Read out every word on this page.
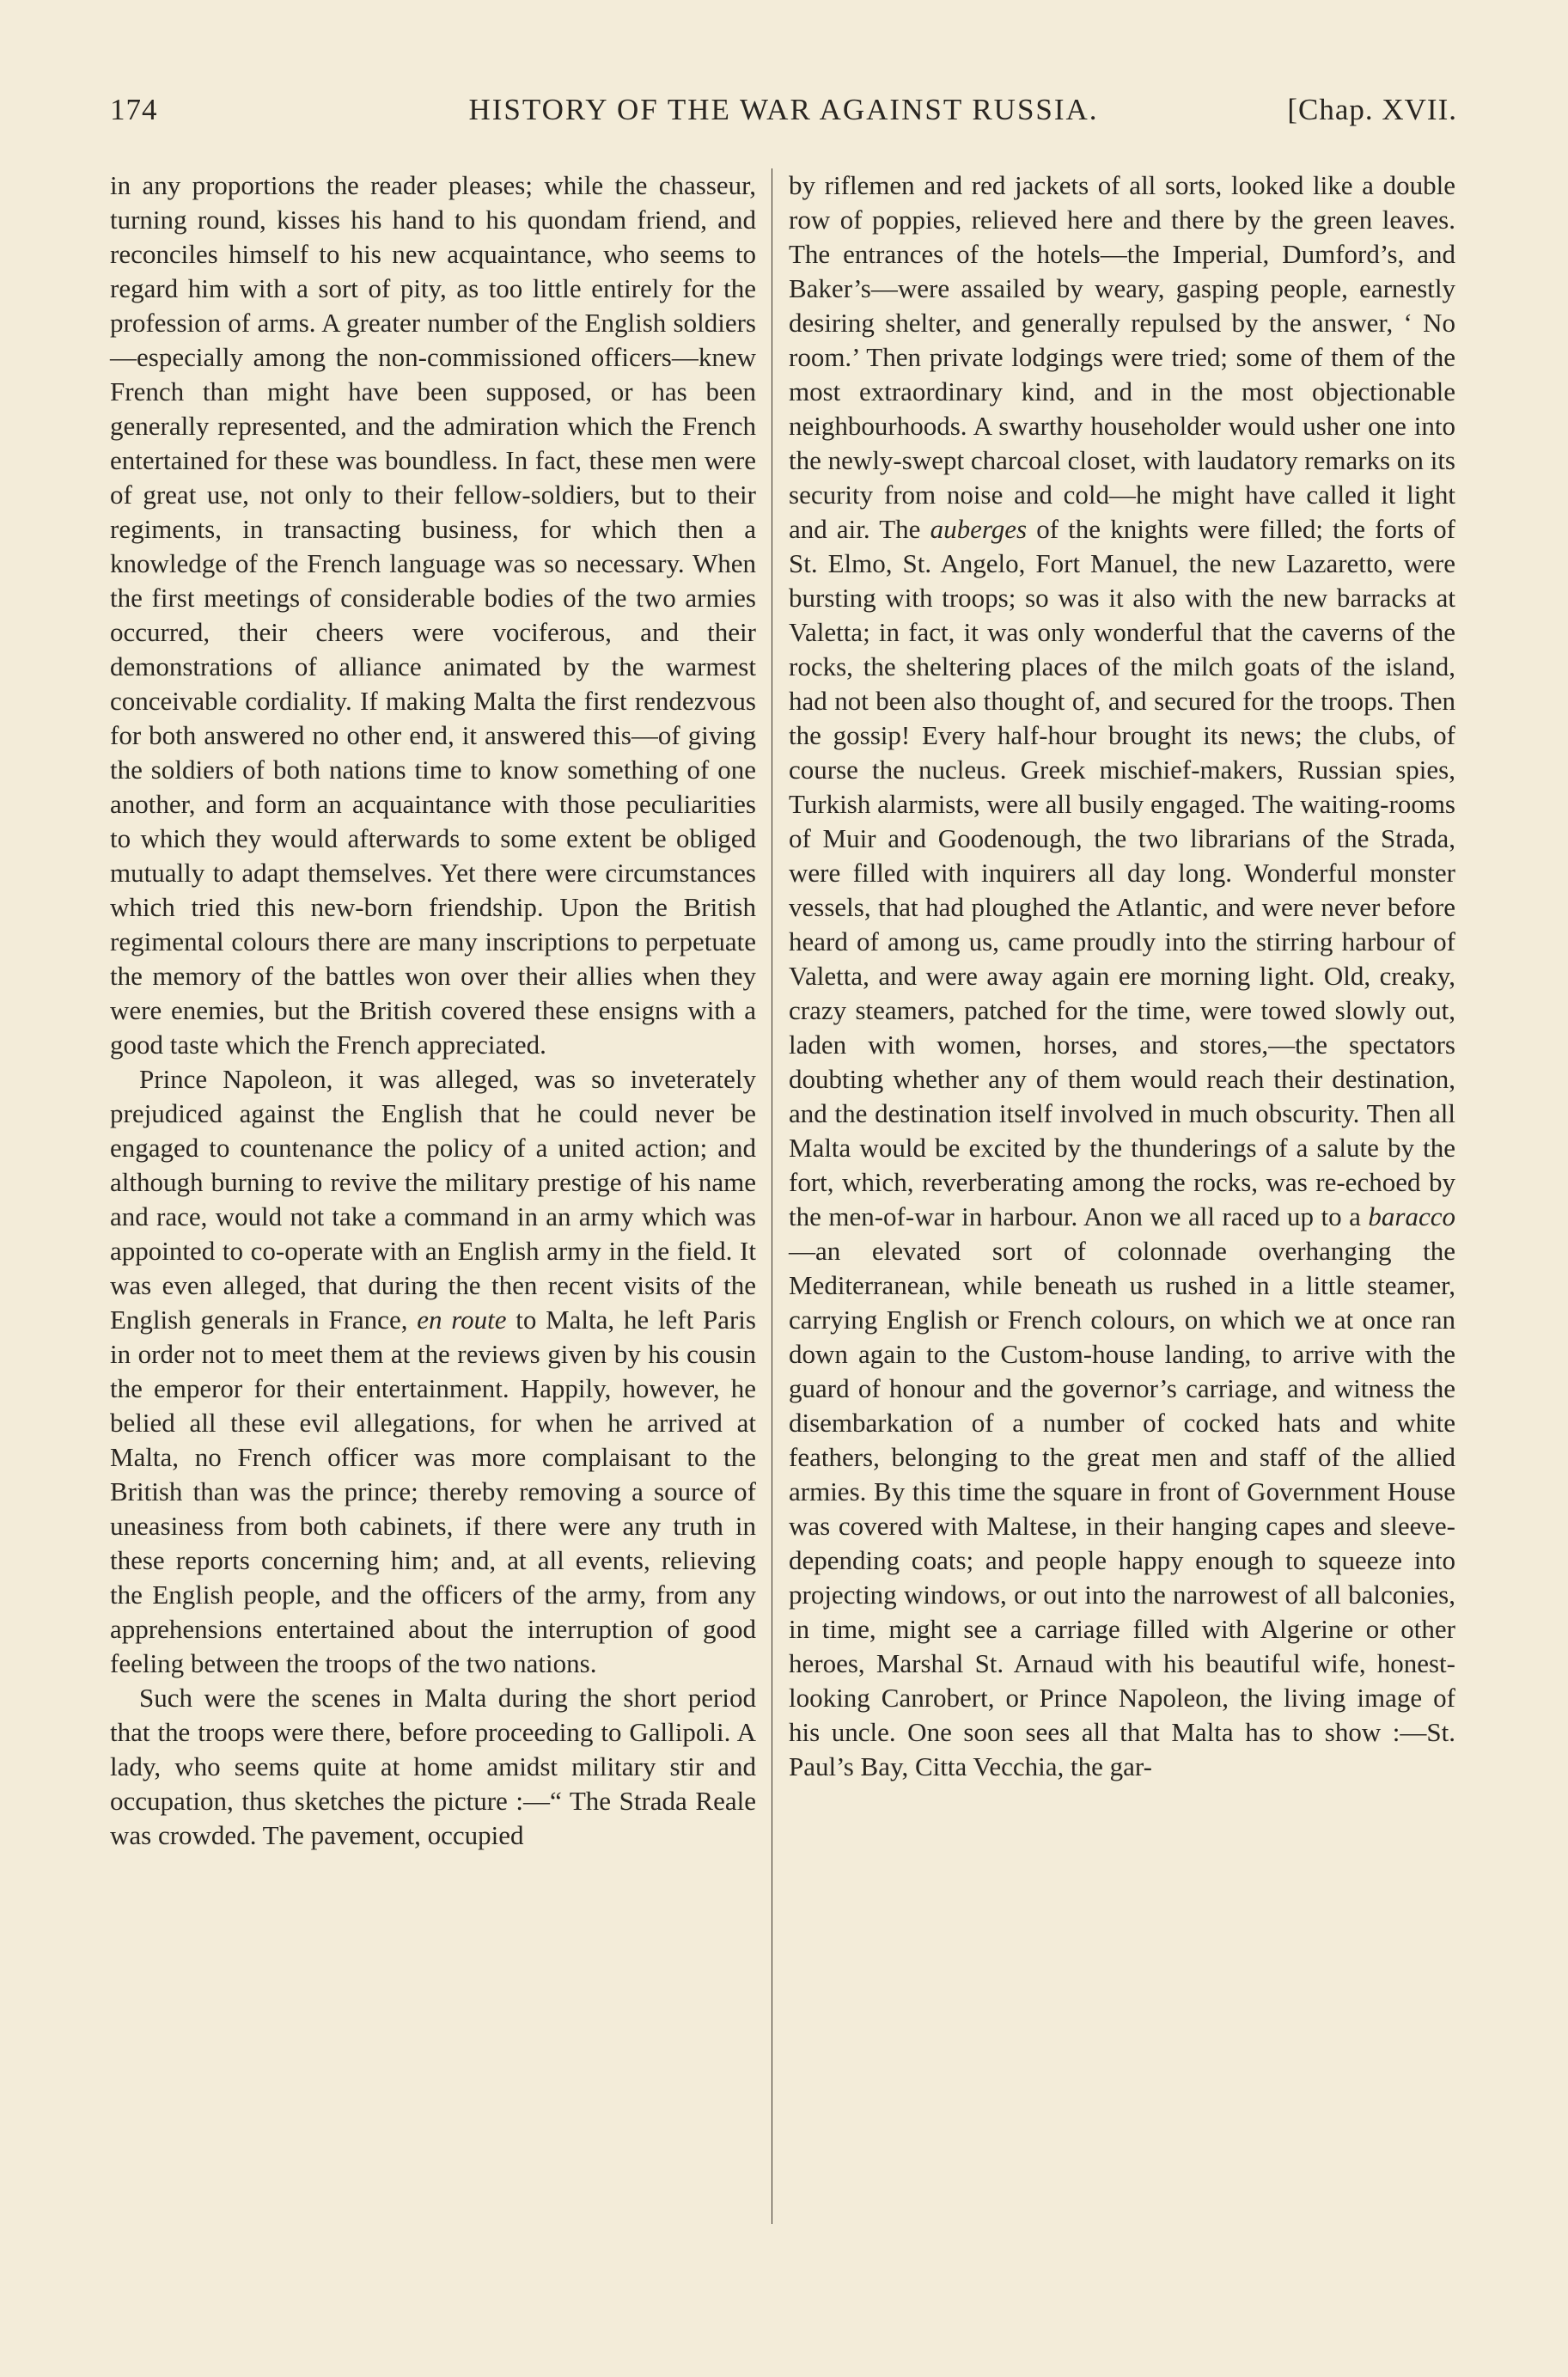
174	HISTORY OF THE WAR AGAINST RUSSIA.	[Chap. XVII.

in any proportions the reader pleases; while the chasseur, turning round, kisses his hand to his quondam friend, and reconciles himself to his new acquaintance, who seems to regard him with a sort of pity, as too little entirely for the profession of arms. A greater number of the English soldiers—especially among the non-commissioned officers—knew French than might have been supposed, or has been generally represented, and the admiration which the French entertained for these was boundless. In fact, these men were of great use, not only to their fellow-soldiers, but to their regiments, in transacting business, for which then a knowledge of the French language was so necessary. When the first meetings of considerable bodies of the two armies occurred, their cheers were vociferous, and their demonstrations of alliance animated by the warmest conceivable cordiality. If making Malta the first rendezvous for both answered no other end, it answered this—of giving the soldiers of both nations time to know something of one another, and form an acquaintance with those peculiarities to which they would afterwards to some extent be obliged mutually to adapt themselves. Yet there were circumstances which tried this new-born friendship. Upon the British regimental colours there are many inscriptions to perpetuate the memory of the battles won over their allies when they were enemies, but the British covered these ensigns with a good taste which the French appreciated.

Prince Napoleon, it was alleged, was so inveterately prejudiced against the English that he could never be engaged to countenance the policy of a united action; and although burning to revive the military prestige of his name and race, would not take a command in an army which was appointed to co-operate with an English army in the field. It was even alleged, that during the then recent visits of the English generals in France, en route to Malta, he left Paris in order not to meet them at the reviews given by his cousin the emperor for their entertainment. Happily, however, he belied all these evil allegations, for when he arrived at Malta, no French officer was more complaisant to the British than was the prince; thereby removing a source of uneasiness from both cabinets, if there were any truth in these reports concerning him; and, at all events, relieving the English people, and the officers of the army, from any apprehensions entertained about the interruption of good feeling between the troops of the two nations.

Such were the scenes in Malta during the short period that the troops were there, before proceeding to Gallipoli. A lady, who seems quite at home amidst military stir and occupation, thus sketches the picture :—“ The Strada Reale was crowded. The pavement, occupied

by riflemen and red jackets of all sorts, looked like a double row of poppies, relieved here and there by the green leaves. The entrances of the hotels—the Imperial, Dumford’s, and Baker’s—were assailed by weary, gasping people, earnestly desiring shelter, and generally repulsed by the answer, ‘ No room.’ Then private lodgings were tried; some of them of the most extraordinary kind, and in the most objectionable neighbourhoods. A swarthy householder would usher one into the newly-swept charcoal closet, with laudatory remarks on its security from noise and cold—he might have called it light and air. The auberges of the knights were filled; the forts of St. Elmo, St. Angelo, Fort Manuel, the new Lazaretto, were bursting with troops; so was it also with the new barracks at Valetta; in fact, it was only wonderful that the caverns of the rocks, the sheltering places of the milch goats of the island, had not been also thought of, and secured for the troops. Then the gossip! Every half-hour brought its news; the clubs, of course the nucleus. Greek mischief-makers, Russian spies, Turkish alarmists, were all busily engaged. The waiting-rooms of Muir and Goodenough, the two librarians of the Strada, were filled with inquirers all day long. Wonderful monster vessels, that had ploughed the Atlantic, and were never before heard of among us, came proudly into the stirring harbour of Valetta, and were away again ere morning light. Old, creaky, crazy steamers, patched for the time, were towed slowly out, laden with women, horses, and stores,—the spectators doubting whether any of them would reach their destination, and the destination itself involved in much obscurity. Then all Malta would be excited by the thunderings of a salute by the fort, which, reverberating among the rocks, was re-echoed by the men-of-war in harbour. Anon we all raced up to a baracco—an elevated sort of colonnade overhanging the Mediterranean, while beneath us rushed in a little steamer, carrying English or French colours, on which we at once ran down again to the Custom-house landing, to arrive with the guard of honour and the governor’s carriage, and witness the disembarkation of a number of cocked hats and white feathers, belonging to the great men and staff of the allied armies. By this time the square in front of Government House was covered with Maltese, in their hanging capes and sleeve-depending coats; and people happy enough to squeeze into projecting windows, or out into the narrowest of all balconies, in time, might see a carriage filled with Algerine or other heroes, Marshal St. Arnaud with his beautiful wife, honest-looking Canrobert, or Prince Napoleon, the living image of his uncle. One soon sees all that Malta has to show :—St. Paul’s Bay, Citta Vecchia, the gar-
